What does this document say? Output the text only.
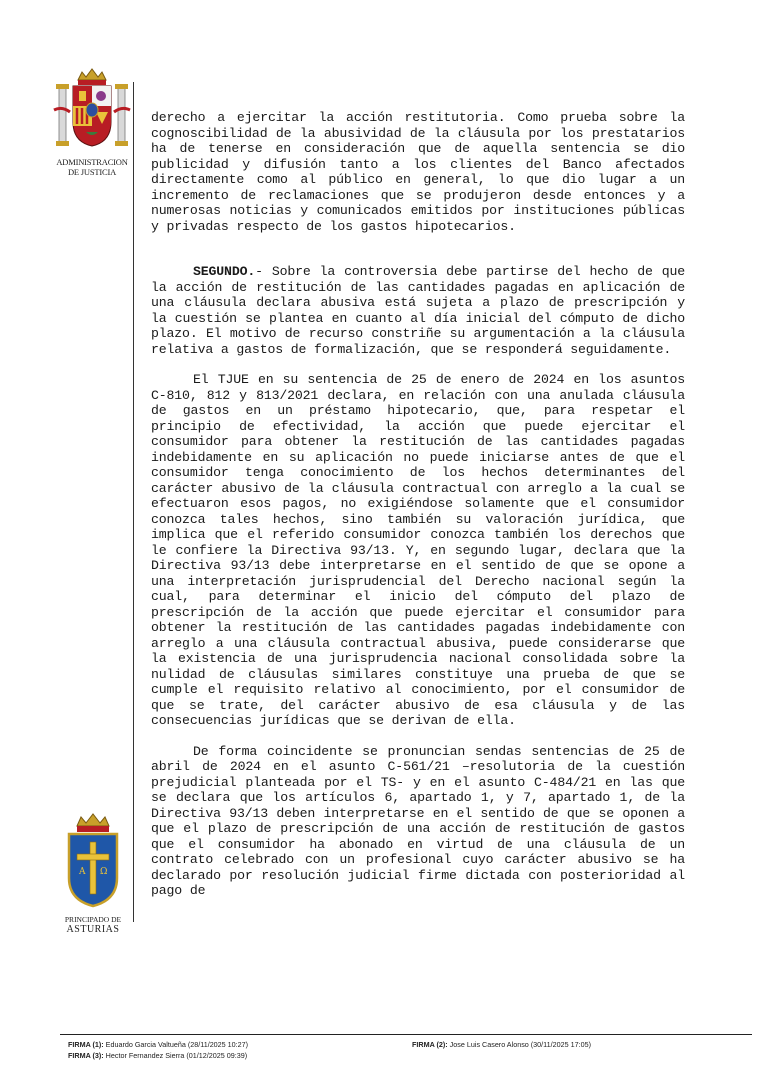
ADMINISTRACION
DE JUSTICIA

derecho a ejercitar la acción restitutoria. Como prueba sobre la cognoscibilidad de la abusividad de la cláusula por los prestatarios ha de tenerse en consideración que de aquella sentencia se dio publicidad y difusión tanto a los clientes del Banco afectados directamente como al público en general, lo que dio lugar a un incremento de reclamaciones que se produjeron desde entonces y a numerosas noticias y comunicados emitidos por instituciones públicas y privadas respecto de los gastos hipotecarios.

SEGUNDO.- Sobre la controversia debe partirse del hecho de que la acción de restitución de las cantidades pagadas en aplicación de una cláusula declara abusiva está sujeta a plazo de prescripción y la cuestión se plantea en cuanto al día inicial del cómputo de dicho plazo. El motivo de recurso constriñe su argumentación a la cláusula relativa a gastos de formalización, que se responderá seguidamente.

El TJUE en su sentencia de 25 de enero de 2024 en los asuntos C-810, 812 y 813/2021 declara, en relación con una anulada cláusula de gastos en un préstamo hipotecario, que, para respetar el principio de efectividad, la acción que puede ejercitar el consumidor para obtener la restitución de las cantidades pagadas indebidamente en su aplicación no puede iniciarse antes de que el consumidor tenga conocimiento de los hechos determinantes del carácter abusivo de la cláusula contractual con arreglo a la cual se efectuaron esos pagos, no exigiéndose solamente que el consumidor conozca tales hechos, sino también su valoración jurídica, que implica que el referido consumidor conozca también los derechos que le confiere la Directiva 93/13. Y, en segundo lugar, declara que la Directiva 93/13 debe interpretarse en el sentido de que se opone a una interpretación jurisprudencial del Derecho nacional según la cual, para determinar el inicio del cómputo del plazo de prescripción de la acción que puede ejercitar el consumidor para obtener la restitución de las cantidades pagadas indebidamente con arreglo a una cláusula contractual abusiva, puede considerarse que la existencia de una jurisprudencia nacional consolidada sobre la nulidad de cláusulas similares constituye una prueba de que se cumple el requisito relativo al conocimiento, por el consumidor de que se trate, del carácter abusivo de esa cláusula y de las consecuencias jurídicas que se derivan de ella.

De forma coincidente se pronuncian sendas sentencias de 25 de abril de 2024 en el asunto C-561/21 –resolutoria de la cuestión prejudicial planteada por el TS- y en el asunto C-484/21 en las que se declara que los artículos 6, apartado 1, y 7, apartado 1, de la Directiva 93/13 deben interpretarse en el sentido de que se oponen a que el plazo de prescripción de una acción de restitución de gastos que el consumidor ha abonado en virtud de una cláusula de un contrato celebrado con un profesional cuyo carácter abusivo se ha declarado por resolución judicial firme dictada con posterioridad al pago de

A Ω
PRINCIPADO DE
ASTURIAS
FIRMA (1): Eduardo Garcia Valtueña (28/11/2025 10:27)	FIRMA (2): Jose Luis Casero Alonso (30/11/2025 17:05)
FIRMA (3): Hector Fernandez Sierra (01/12/2025 09:39)
